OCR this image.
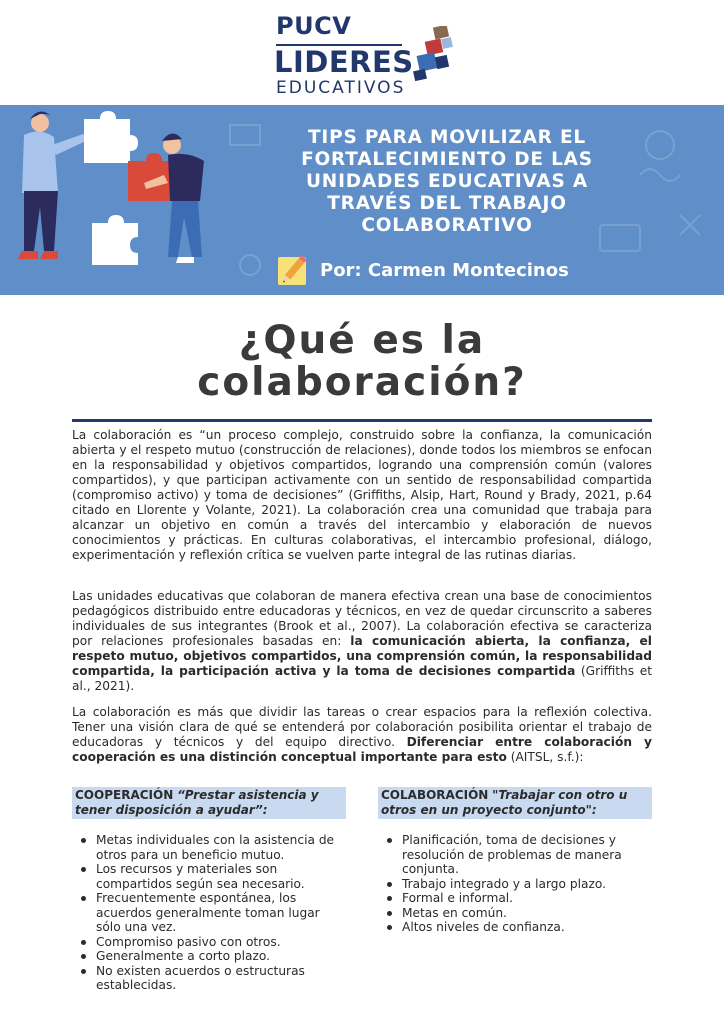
PUCV
LIDERES
EDUCATIVOS
TIPS PARA MOVILIZAR EL
FORTALECIMIENTO DE LAS
UNIDADES EDUCATIVAS A
TRAVÉS DEL TRABAJO
COLABORATIVO
Por: Carmen Montecinos
¿Qué es la
colaboración?

La colaboración es “un proceso complejo, construido sobre la confianza, la comunicación abierta y el respeto mutuo (construcción de relaciones), donde todos los miembros se enfocan en la responsabilidad y objetivos compartidos, logrando una comprensión común (valores compartidos), y que participan activamente con un sentido de responsabilidad compartida (compromiso activo) y toma de decisiones” (Griffiths, Alsip, Hart, Round y Brady, 2021, p.64 citado en Llorente y Volante, 2021). La colaboración crea una comunidad que trabaja para alcanzar un objetivo en común a través del intercambio y elaboración de nuevos conocimientos y prácticas. En culturas colaborativas, el intercambio profesional, diálogo, experimentación y reflexión crítica se vuelven parte integral de las rutinas diarias.

Las unidades educativas que colaboran de manera efectiva crean una base de conocimientos pedagógicos distribuido entre educadoras y técnicos, en vez de quedar circunscrito a saberes individuales de sus integrantes (Brook et al., 2007). La colaboración efectiva se caracteriza por relaciones profesionales basadas en: la comunicación abierta, la confianza, el respeto mutuo, objetivos compartidos, una comprensión común, la responsabilidad compartida, la participación activa y la toma de decisiones compartida (Griffiths et al., 2021).

La colaboración es más que dividir las tareas o crear espacios para la reflexión colectiva. Tener una visión clara de qué se entenderá por colaboración posibilita orientar el trabajo de educadoras y técnicos y del equipo directivo. Diferenciar entre colaboración y cooperación es una distinción conceptual importante para esto (AITSL, s.f.):

COOPERACIÓN “Prestar asistencia y tener disposición a ayudar”:
Metas individuales con la asistencia de otros para un beneficio mutuo.
Los recursos y materiales son compartidos según sea necesario.
Frecuentemente espontánea, los acuerdos generalmente toman lugar sólo una vez.
Compromiso pasivo con otros.
Generalmente a corto plazo.
No existen acuerdos o estructuras establecidas.
COLABORACIÓN "Trabajar con otro u otros en un proyecto conjunto":
Planificación, toma de decisiones y resolución de problemas de manera conjunta.
Trabajo integrado y a largo plazo.
Formal e informal.
Metas en común.
Altos niveles de confianza.
